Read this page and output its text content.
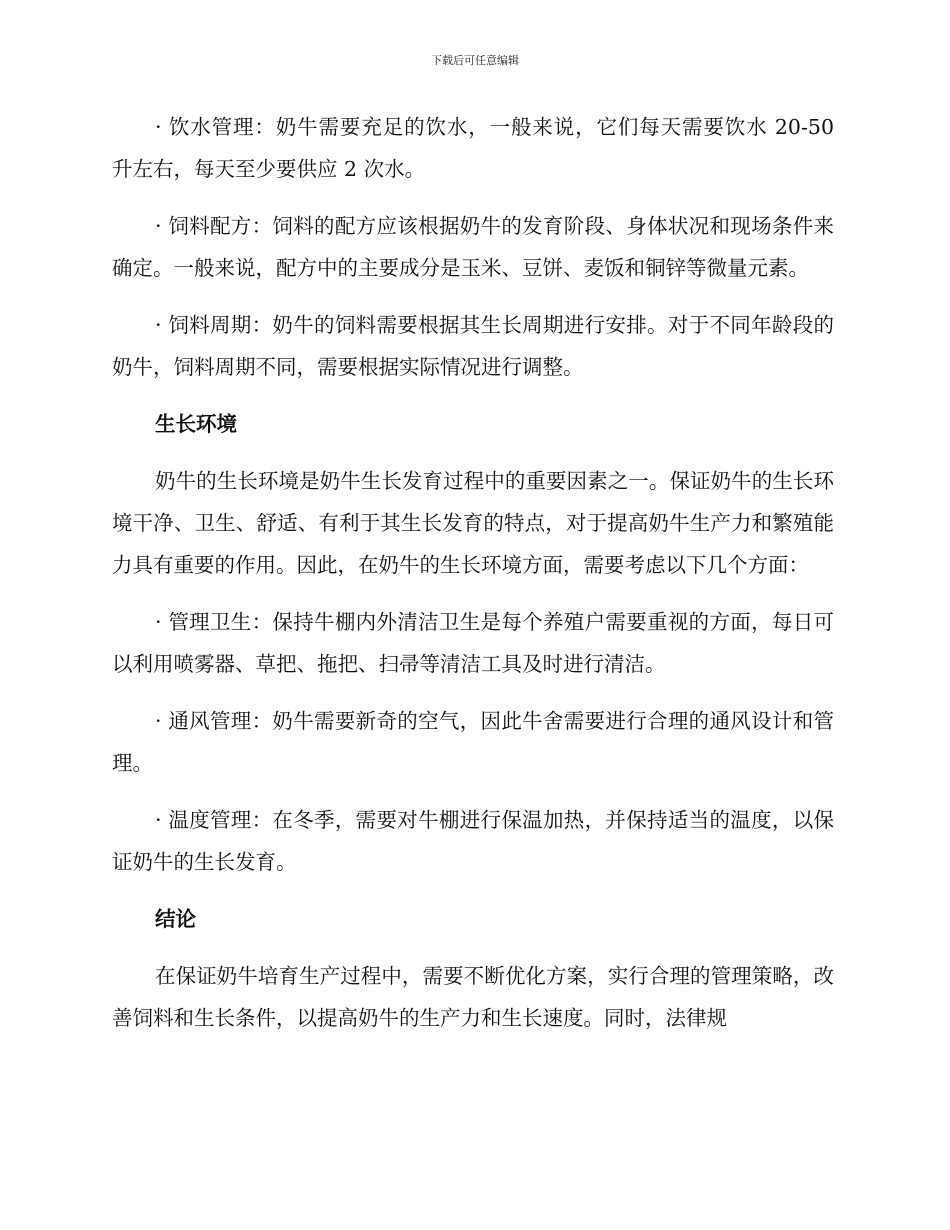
下载后可任意编辑

· 饮水管理：奶牛需要充足的饮水，一般来说，它们每天需要饮水 20-50 升左右，每天至少要供应 2 次水。

· 饲料配方：饲料的配方应该根据奶牛的发育阶段、身体状况和现场条件来确定。一般来说，配方中的主要成分是玉米、豆饼、麦饭和铜锌等微量元素。

· 饲料周期：奶牛的饲料需要根据其生长周期进行安排。对于不同年龄段的奶牛，饲料周期不同，需要根据实际情况进行调整。

生长环境

奶牛的生长环境是奶牛生长发育过程中的重要因素之一。保证奶牛的生长环境干净、卫生、舒适、有利于其生长发育的特点，对于提高奶牛生产力和繁殖能力具有重要的作用。因此，在奶牛的生长环境方面，需要考虑以下几个方面：

· 管理卫生：保持牛棚内外清洁卫生是每个养殖户需要重视的方面，每日可以利用喷雾器、草把、拖把、扫帚等清洁工具及时进行清洁。

· 通风管理：奶牛需要新奇的空气，因此牛舍需要进行合理的通风设计和管理。

· 温度管理：在冬季，需要对牛棚进行保温加热，并保持适当的温度，以保证奶牛的生长发育。

结论

在保证奶牛培育生产过程中，需要不断优化方案，实行合理的管理策略，改善饲料和生长条件，以提高奶牛的生产力和生长速度。同时，法律规
